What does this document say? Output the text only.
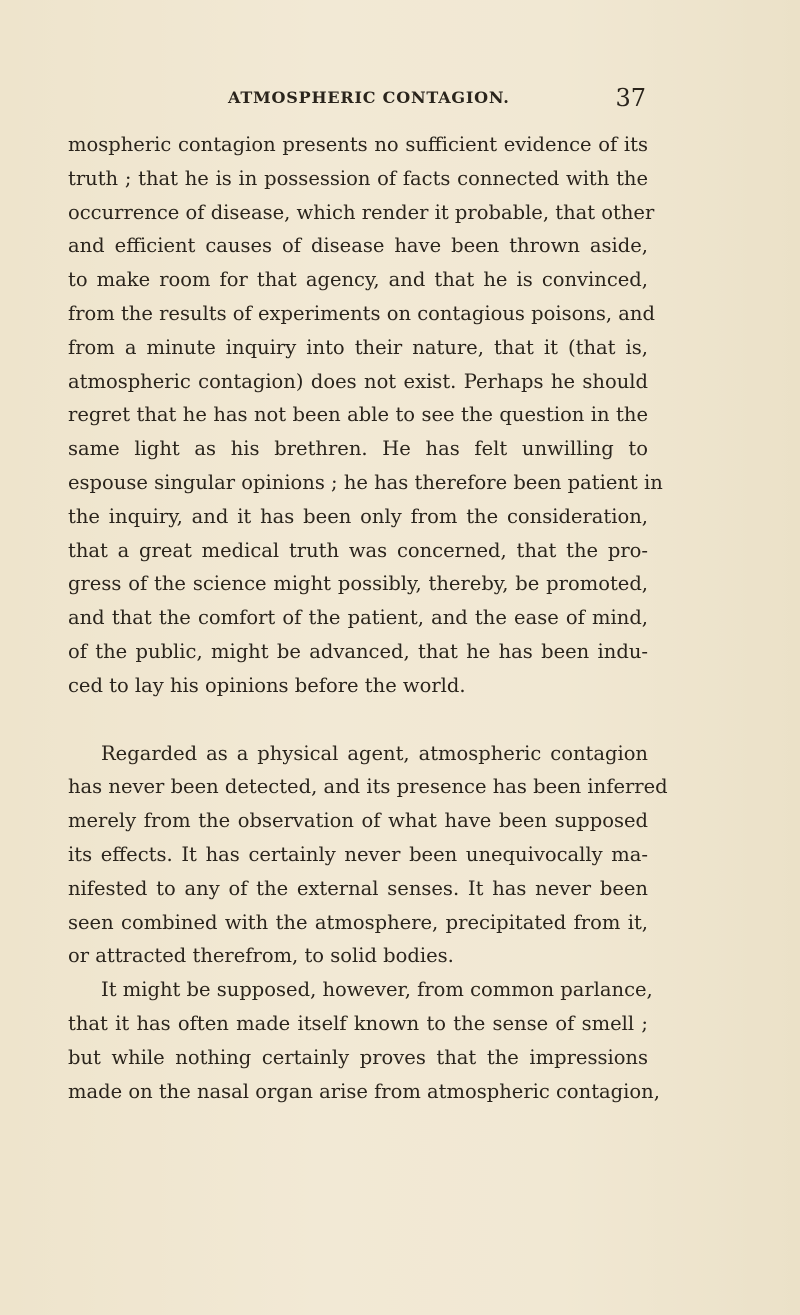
ATMOSPHERIC CONTAGION.	37
mospheric contagion presents no sufficient evidence of its
truth ; that he is in possession of facts connected with the
occurrence of disease, which render it probable, that other
and efficient causes of disease have been thrown aside,
to make room for that agency, and that he is convinced,
from the results of experiments on contagious poisons, and
from a minute inquiry into their nature, that it (that is,
atmospheric contagion) does not exist. Perhaps he should
regret that he has not been able to see the question in the
same light as his brethren. He has felt unwilling to
espouse singular opinions ; he has therefore been patient in
the inquiry, and it has been only from the consideration,
that a great medical truth was concerned, that the pro-
gress of the science might possibly, thereby, be promoted,
and that the comfort of the patient, and the ease of mind,
of the public, might be advanced, that he has been indu-
ced to lay his opinions before the world.
Regarded as a physical agent, atmospheric contagion
has never been detected, and its presence has been inferred
merely from the observation of what have been supposed
its effects. It has certainly never been unequivocally ma-
nifested to any of the external senses. It has never been
seen combined with the atmosphere, precipitated from it,
or attracted therefrom, to solid bodies.
It might be supposed, however, from common parlance,
that it has often made itself known to the sense of smell ;
but while nothing certainly proves that the impressions
made on the nasal organ arise from atmospheric contagion,
